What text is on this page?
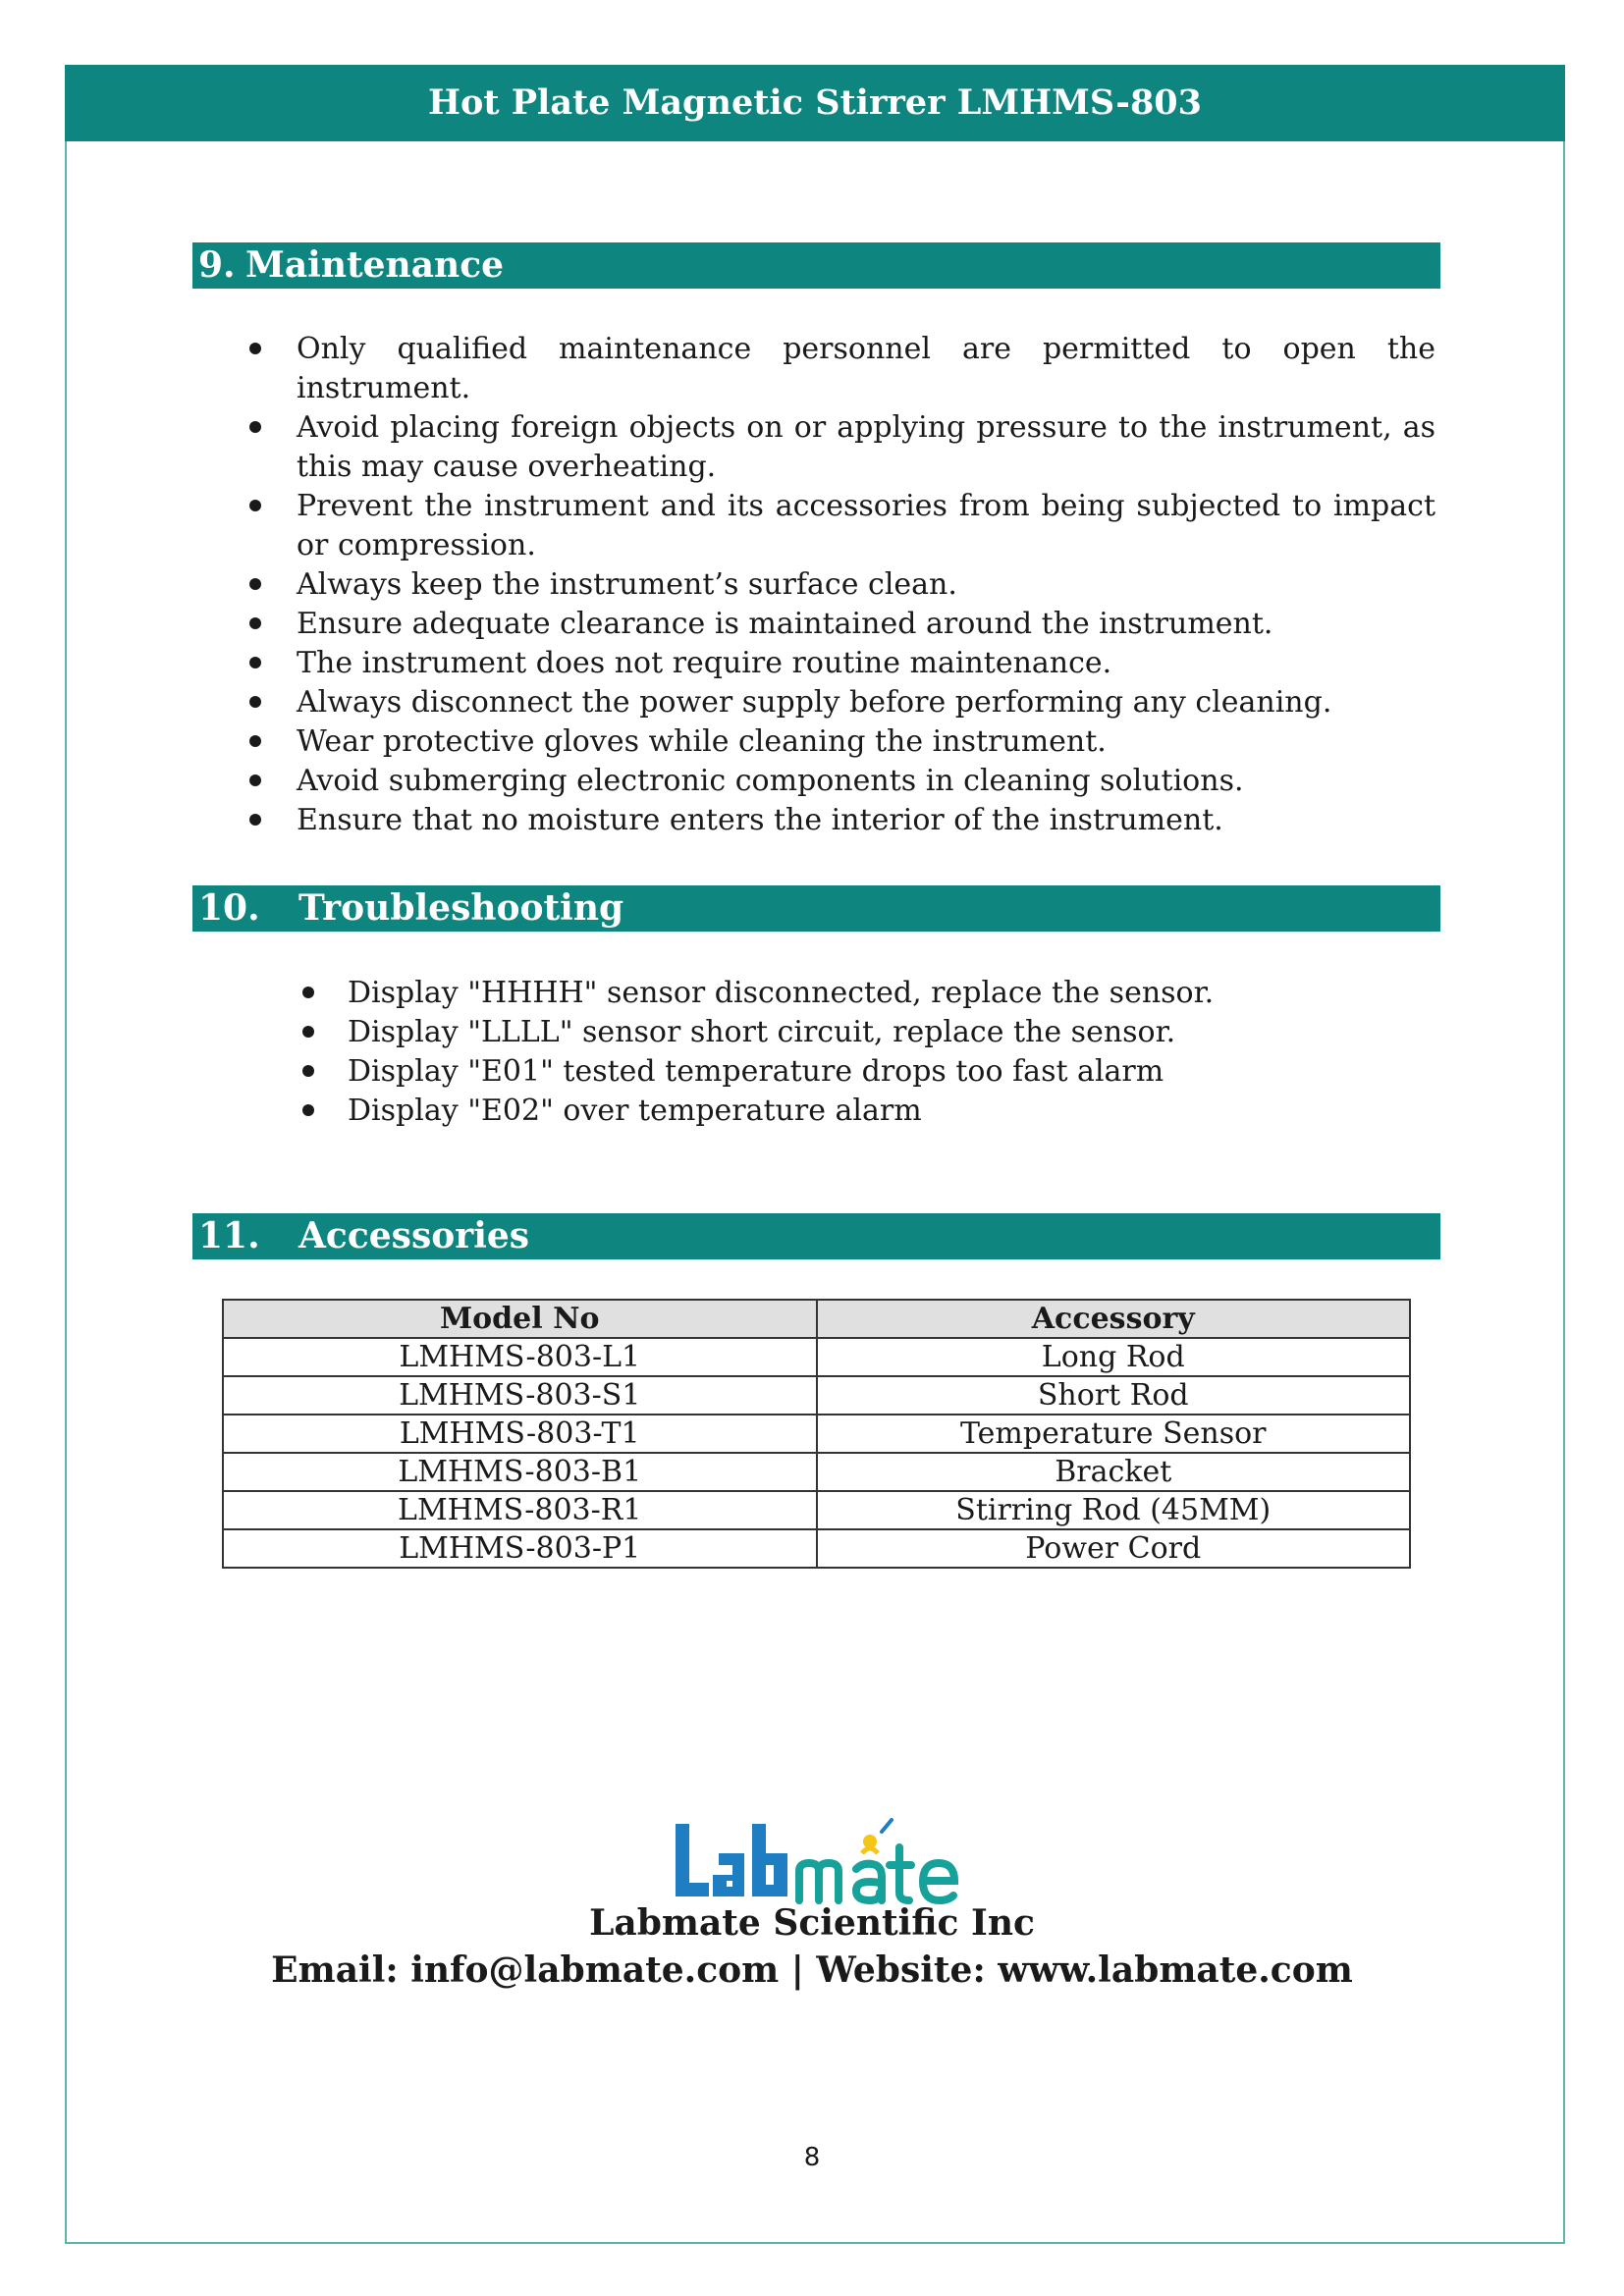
Hot Plate Magnetic Stirrer LMHMS-803
9. Maintenance
Only qualified maintenance personnel are permitted to open the instrument.
Avoid placing foreign objects on or applying pressure to the instrument, as this may cause overheating.
Prevent the instrument and its accessories from being subjected to impact or compression.
Always keep the instrument’s surface clean.
Ensure adequate clearance is maintained around the instrument.
The instrument does not require routine maintenance.
Always disconnect the power supply before performing any cleaning.
Wear protective gloves while cleaning the instrument.
Avoid submerging electronic components in cleaning solutions.
Ensure that no moisture enters the interior of the instrument.
10. Troubleshooting
Display "HHHH" sensor disconnected, replace the sensor.
Display "LLLL" sensor short circuit, replace the sensor.
Display "E01" tested temperature drops too fast alarm
Display "E02" over temperature alarm
11. Accessories
Model No	Accessory
LMHMS-803-L1	Long Rod
LMHMS-803-S1	Short Rod
LMHMS-803-T1	Temperature Sensor
LMHMS-803-B1	Bracket
LMHMS-803-R1	Stirring Rod (45MM)
LMHMS-803-P1	Power Cord
Labmate Scientific Inc
Email: info@labmate.com | Website: www.labmate.com
8
